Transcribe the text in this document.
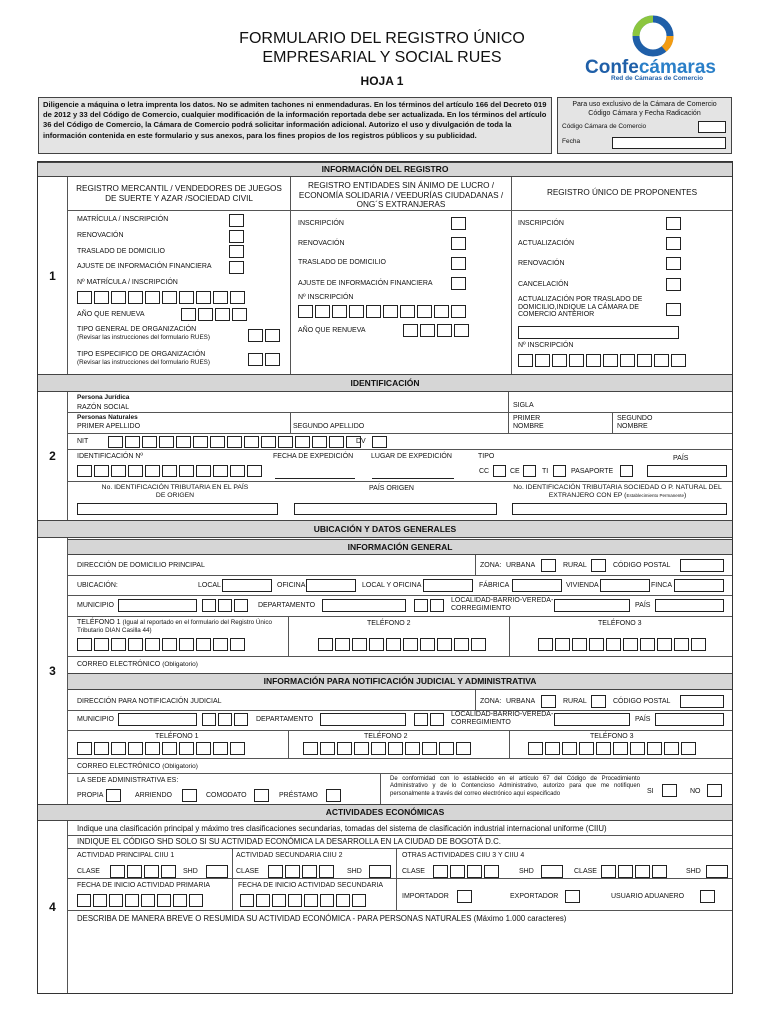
FORMULARIO DEL REGISTRO ÚNICO
EMPRESARIAL Y SOCIAL RUES
HOJA 1
Confecámaras
Red de Cámaras de Comercio
Diligencie a máquina o letra imprenta los datos. No se admiten tachones ni enmendaduras. En los términos del artículo 166 del Decreto 019 de 2012 y 33 del Código de Comercio, cualquier modificación de la información reportada debe ser actualizada. En los términos del artículo 36 del Código de Comercio, la Cámara de Comercio podrá solicitar información adicional. Autorizo el uso y divulgación de toda la información contenida en este formulario y sus anexos, para los fines propios de los registros públicos y su publicidad.
Para uso exclusivo de la Cámara de Comercio
Código Cámara y Fecha Radicación
Código Cámara de Comercio
Fecha
INFORMACIÓN DEL REGISTRO
1
REGISTRO MERCANTIL / VENDEDORES DE JUEGOS DE SUERTE Y AZAR /SOCIEDAD CIVIL
REGISTRO ENTIDADES SIN ÁNIMO DE LUCRO / ECONOMÍA SOLIDARIA / VEEDURÍAS CIUDADANAS / ONG´S EXTRANJERAS
REGISTRO ÚNICO DE PROPONENTES
MATRÍCULA / INSCRIPCIÓN
RENOVACIÓN
TRASLADO DE DOMICILIO
AJUSTE DE INFORMACIÓN FINANCIERA
Nº MATRÍCULA / INSCRIPCIÓN
AÑO QUE RENUEVA
TIPO GENERAL DE ORGANIZACIÓN
(Revisar las instrucciones del formulario RUES)
TIPO ESPECIFICO DE ORGANIZACIÓN
(Revisar las instrucciones del formulario RUES)
INSCRIPCIÓN
RENOVACIÓN
TRASLADO DE DOMICILIO
AJUSTE DE INFORMACIÓN FINANCIERA
Nº INSCRIPCIÓN
AÑO QUE RENUEVA
INSCRIPCIÓN
ACTUALIZACIÓN
RENOVACIÓN
CANCELACIÓN
ACTUALIZACIÓN POR TRASLADO DE DOMICILIO,INDIQUE LA CÁMARA DE COMERCIO ANTERIOR
Nº INSCRIPCIÓN
IDENTIFICACIÓN
2
Persona Jurídica
RAZÓN SOCIAL	SIGLA
Personas Naturales
PRIMER APELLIDO	SEGUNDO APELLIDO
PRIMER NOMBRE
SEGUNDO NOMBRE
NIT	DV
IDENTIFICACIÓN Nº	FECHA DE EXPEDICIÓN	LUGAR DE EXPEDICIÓN	TIPO	PAÍS
CC	CE	TI	PASAPORTE
No. IDENTIFICACIÓN TRIBUTARIA EN EL PAÍS DE ORIGEN
PAÍS ORIGEN	No. IDENTIFICACIÓN TRIBUTARIA SOCIEDAD O P. NATURAL DEL EXTRANJERO CON EP (Establecimiento Permanente)
UBICACIÓN Y DATOS GENERALES
3
INFORMACIÓN GENERAL
DIRECCIÓN DE DOMICILIO PRINCIPAL	ZONA: URBANA	RURAL	CÓDIGO POSTAL
UBICACIÓN:	LOCAL	OFICINA	LOCAL Y OFICINA	FÁBRICA	VIVIENDA	FINCA
MUNICIPIO	DEPARTAMENTO
LOCALIDAD-BARRIO-VEREDA-CORREGIMIENTO	PAÍS
TELÉFONO 1 (Igual al reportado en el formulario del Registro Único Tributario DIAN Casilla 44)
TELÉFONO 2	TELÉFONO 3
CORREO ELECTRÓNICO (Obligatorio)
INFORMACIÓN PARA NOTIFICACIÓN JUDICIAL Y ADMINISTRATIVA
DIRECCIÓN PARA NOTIFICACIÓN JUDICIAL	ZONA: URBANA	RURAL	CÓDIGO POSTAL
MUNICIPIO	DEPARTAMENTO
LOCALIDAD-BARRIO-VEREDA-CORREGIMIENTO	PAÍS
TELÉFONO 1	TELÉFONO 2	TELÉFONO 3
CORREO ELECTRÓNICO (Obligatorio)
LA SEDE ADMINISTRATIVA ES:
PROPIA	ARRIENDO	COMODATO	PRÉSTAMO
De conformidad con lo establecido en el artículo 67 del Código de Procedimiento Administrativo y de lo Contencioso Administrativo, autorizo para que me notifiquen personalmente a través del correo electrónico aquí especificado	SI	NO
ACTIVIDADES ECONÓMICAS
4
Indique una clasificación principal y máximo tres clasificaciones secundarias, tomadas del sistema de clasificación industrial internacional uniforme (CIIU)
INDIQUE EL CÓDIGO SHD SOLO SI SU ACTIVIDAD ECONÓMICA LA DESARROLLA EN LA CIUDAD DE BOGOTÁ D.C.
ACTIVIDAD PRINCIPAL CIIU 1
CLASE	SHD
ACTIVIDAD SECUNDARIA CIIU 2
CLASE	SHD
OTRAS ACTIVIDADES CIIU 3 Y CIIU 4
CLASE	SHD	CLASE	SHD
FECHA DE INICIO ACTIVIDAD PRIMARIA	FECHA DE INICIO ACTIVIDAD SECUNDARIA
IMPORTADOR	EXPORTADOR	USUARIO ADUANERO
DESCRIBA DE MANERA BREVE O RESUMIDA SU ACTIVIDAD ECONÓMICA - PARA PERSONAS NATURALES (Máximo 1.000 caracteres)
